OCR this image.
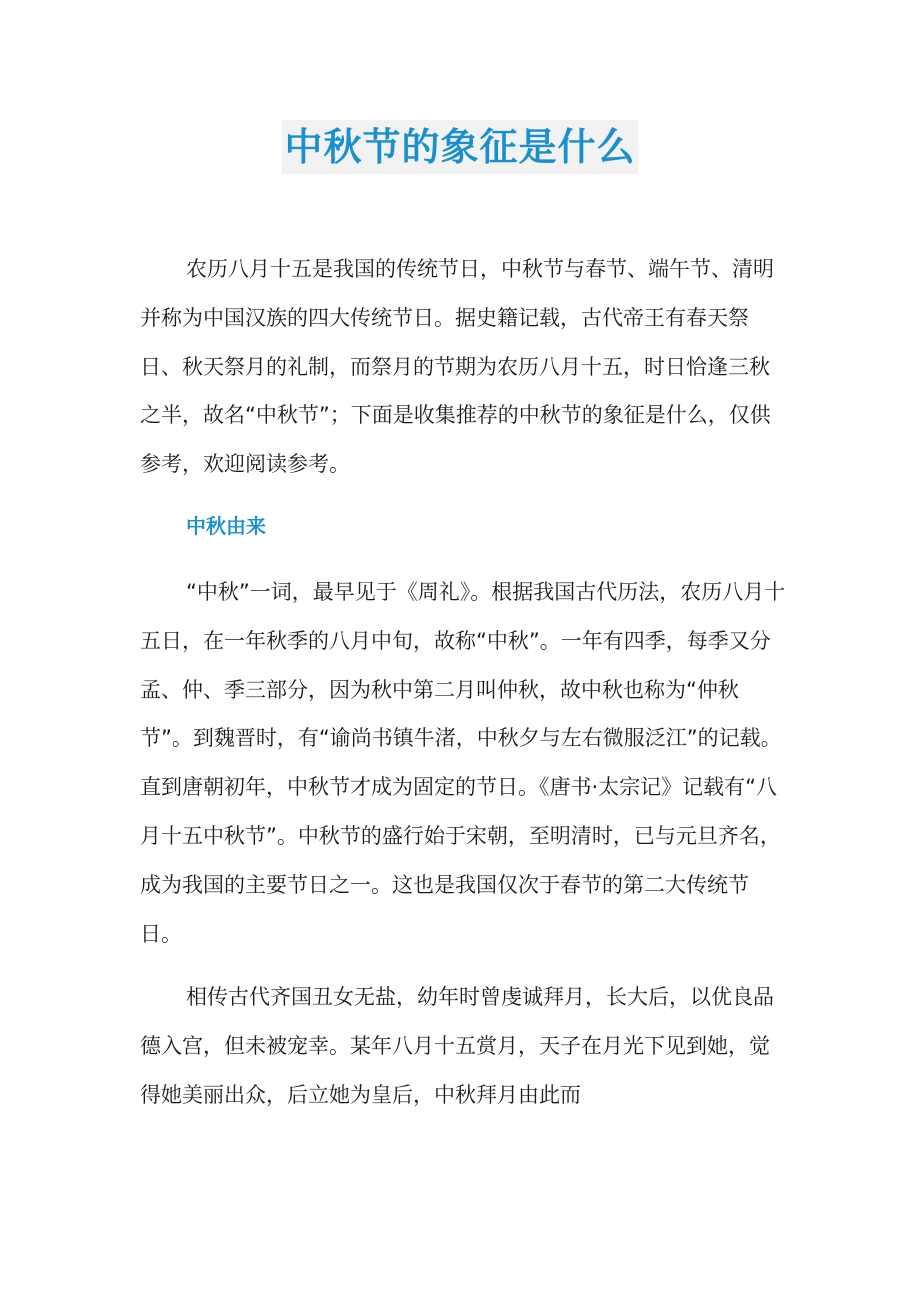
中秋节的象征是什么

农历八月十五是我国的传统节日，中秋节与春节、端午节、清明并称为中国汉族的四大传统节日。据史籍记载，古代帝王有春天祭日、秋天祭月的礼制，而祭月的节期为农历八月十五，时日恰逢三秋之半，故名“中秋节”；下面是收集推荐的中秋节的象征是什么，仅供参考，欢迎阅读参考。

中秋由来

“中秋”一词，最早见于《周礼》。根据我国古代历法，农历八月十五日，在一年秋季的八月中旬，故称“中秋”。一年有四季，每季又分孟、仲、季三部分，因为秋中第二月叫仲秋，故中秋也称为“仲秋节”。到魏晋时，有“谕尚书镇牛渚，中秋夕与左右微服泛江”的记载。直到唐朝初年，中秋节才成为固定的节日。《唐书·太宗记》记载有“八月十五中秋节”。中秋节的盛行始于宋朝，至明清时，已与元旦齐名，成为我国的主要节日之一。这也是我国仅次于春节的第二大传统节日。

相传古代齐国丑女无盐，幼年时曾虔诚拜月，长大后，以优良品德入宫，但未被宠幸。某年八月十五赏月，天子在月光下见到她，觉得她美丽出众，后立她为皇后，中秋拜月由此而
